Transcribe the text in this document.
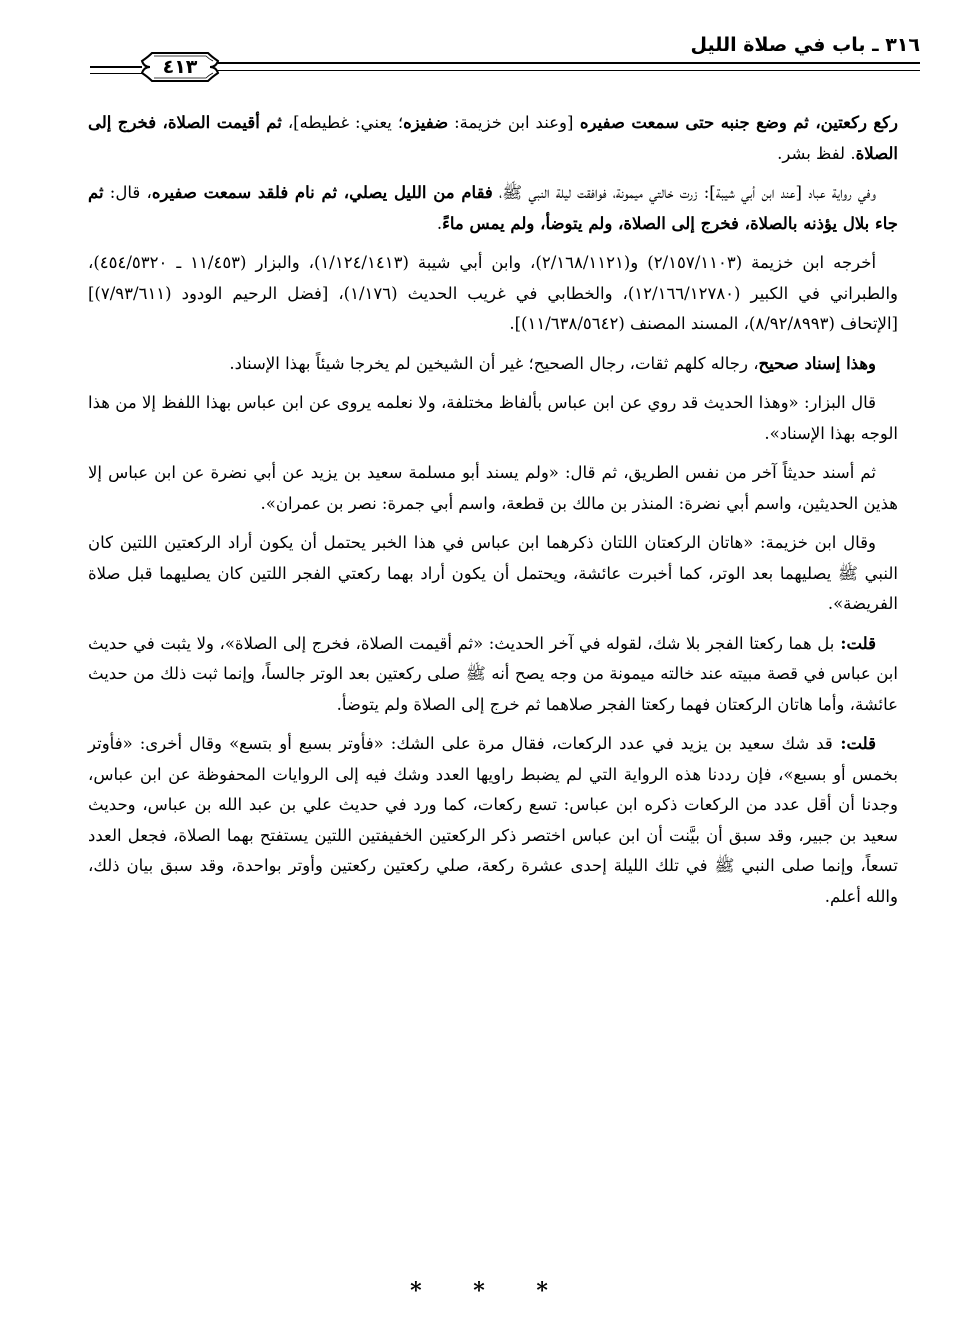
٣١٦ ـ باب في صلاة الليل
٤١٣

ركع ركعتين، ثم وضع جنبه حتى سمعت صفيره [وعند ابن خزيمة: ضفيزه؛ يعني: غطيطه]، ثم أقيمت الصلاة، فخرج إلى الصلاة. لفظ بشر.

وفي رواية عباد [عند ابن أبي شيبة]: زرت خالتي ميمونة، فوافقت ليلة النبي ﷺ، فقام من الليل يصلي، ثم نام فلقد سمعت صفيره، قال: ثم جاء بلال يؤذنه بالصلاة، فخرج إلى الصلاة، ولم يتوضأ، ولم يمس ماءً.

أخرجه ابن خزيمة (٢/١٥٧/١١٠٣) و(٢/١٦٨/١١٢١)، وابن أبي شيبة (١/١٢٤/١٤١٣)، والبزار (١١/٤٥٣ ـ ٤٥٤/٥٣٢٠)، والطبراني في الكبير (١٢/١٦٦/١٢٧٨٠)، والخطابي في غريب الحديث (١/١٧٦)، [فضل الرحيم الودود (٧/٩٣/٦١١)] [الإتحاف (٨/٩٢/٨٩٩٣)، المسند المصنف (١١/٦٣٨/٥٦٤٢)].

وهذا إسناد صحيح، رجاله كلهم ثقات، رجال الصحيح؛ غير أن الشيخين لم يخرجا شيئاً بهذا الإسناد.

قال البزار: «وهذا الحديث قد روي عن ابن عباس بألفاظ مختلفة، ولا نعلمه يروى عن ابن عباس بهذا اللفظ إلا من هذا الوجه بهذا الإسناد».

ثم أسند حديثاً آخر من نفس الطريق، ثم قال: «ولم يسند أبو مسلمة سعيد بن يزيد عن أبي نضرة عن ابن عباس إلا هذين الحديثين، واسم أبي نضرة: المنذر بن مالك بن قطعة، واسم أبي جمرة: نصر بن عمران».

وقال ابن خزيمة: «هاتان الركعتان اللتان ذكرهما ابن عباس في هذا الخبر يحتمل أن يكون أراد الركعتين اللتين كان النبي ﷺ يصليهما بعد الوتر، كما أخبرت عائشة، ويحتمل أن يكون أراد بهما ركعتي الفجر اللتين كان يصليهما قبل صلاة الفريضة».

قلت: بل هما ركعتا الفجر بلا شك، لقوله في آخر الحديث: «ثم أقيمت الصلاة، فخرج إلى الصلاة»، ولا يثبت في حديث ابن عباس في قصة مبيته عند خالته ميمونة من وجه يصح أنه ﷺ صلى ركعتين بعد الوتر جالساً، وإنما ثبت ذلك من حديث عائشة، وأما هاتان الركعتان فهما ركعتا الفجر صلاهما ثم خرج إلى الصلاة ولم يتوضأ.

قلت: قد شك سعيد بن يزيد في عدد الركعات، فقال مرة على الشك: «فأوتر بسبع أو بتسع» وقال أخرى: «فأوتر بخمس أو بسبع»، فإن رددنا هذه الرواية التي لم يضبط راويها العدد وشك فيه إلى الروايات المحفوظة عن ابن عباس، وجدنا أن أقل عدد من الركعات ذكره ابن عباس: تسع ركعات، كما ورد في حديث علي بن عبد الله بن عباس، وحديث سعيد بن جبير، وقد سبق أن بيَّنت أن ابن عباس اختصر ذكر الركعتين الخفيفتين اللتين يستفتح بهما الصلاة، فجعل العدد تسعاً، وإنما صلى النبي ﷺ في تلك الليلة إحدى عشرة ركعة، صلي ركعتين ركعتين وأوتر بواحدة، وقد سبق بيان ذلك، والله أعلم.

* * *
